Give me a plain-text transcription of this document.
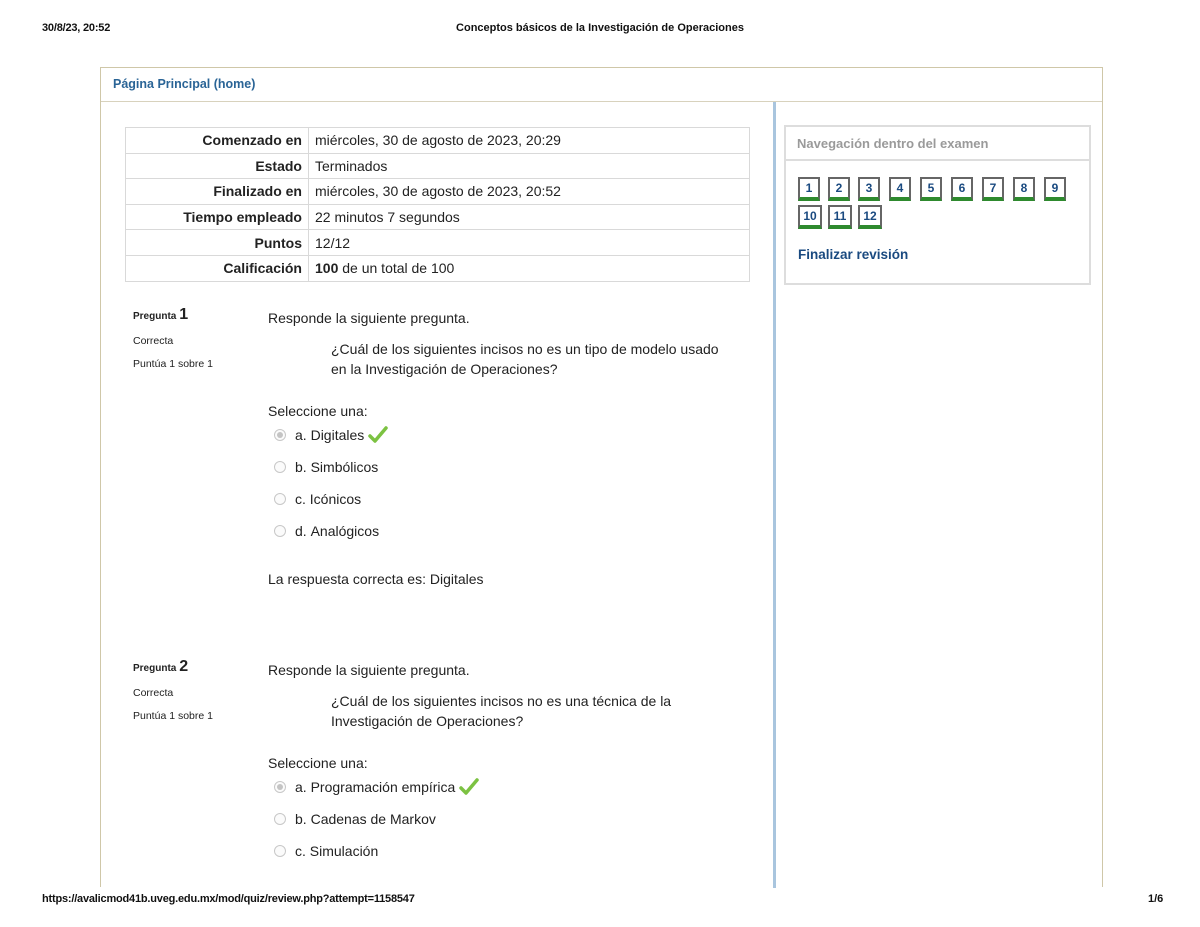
30/8/23, 20:52	Conceptos básicos de la Investigación de Operaciones
https://avalicmod41b.uveg.edu.mx/mod/quiz/review.php?attempt=1158547	1/6
Página Principal (home)
Comenzado en	miércoles, 30 de agosto de 2023, 20:29
Estado	Terminados
Finalizado en	miércoles, 30 de agosto de 2023, 20:52
Tiempo empleado	22 minutos 7 segundos
Puntos	12/12
Calificación	100 de un total de 100
Pregunta 1
Correcta
Puntúa 1 sobre 1
Responde la siguiente pregunta.
¿Cuál de los siguientes incisos no es un tipo de modelo usado en la Investigación de Operaciones?
Seleccione una:
a.
Digitales
b.
Simbólicos
c.
Icónicos
d.
Analógicos
La respuesta correcta es: Digitales
Pregunta 2
Correcta
Puntúa 1 sobre 1
Responde la siguiente pregunta.
¿Cuál de los siguientes incisos no es una técnica de la Investigación de Operaciones?
Seleccione una:
a.
Programación empírica
b.
Cadenas de Markov
c.
Simulación
Navegación dentro del examen
1	2	3	4	5	6	7	8	9
10	11	12
Finalizar revisión
